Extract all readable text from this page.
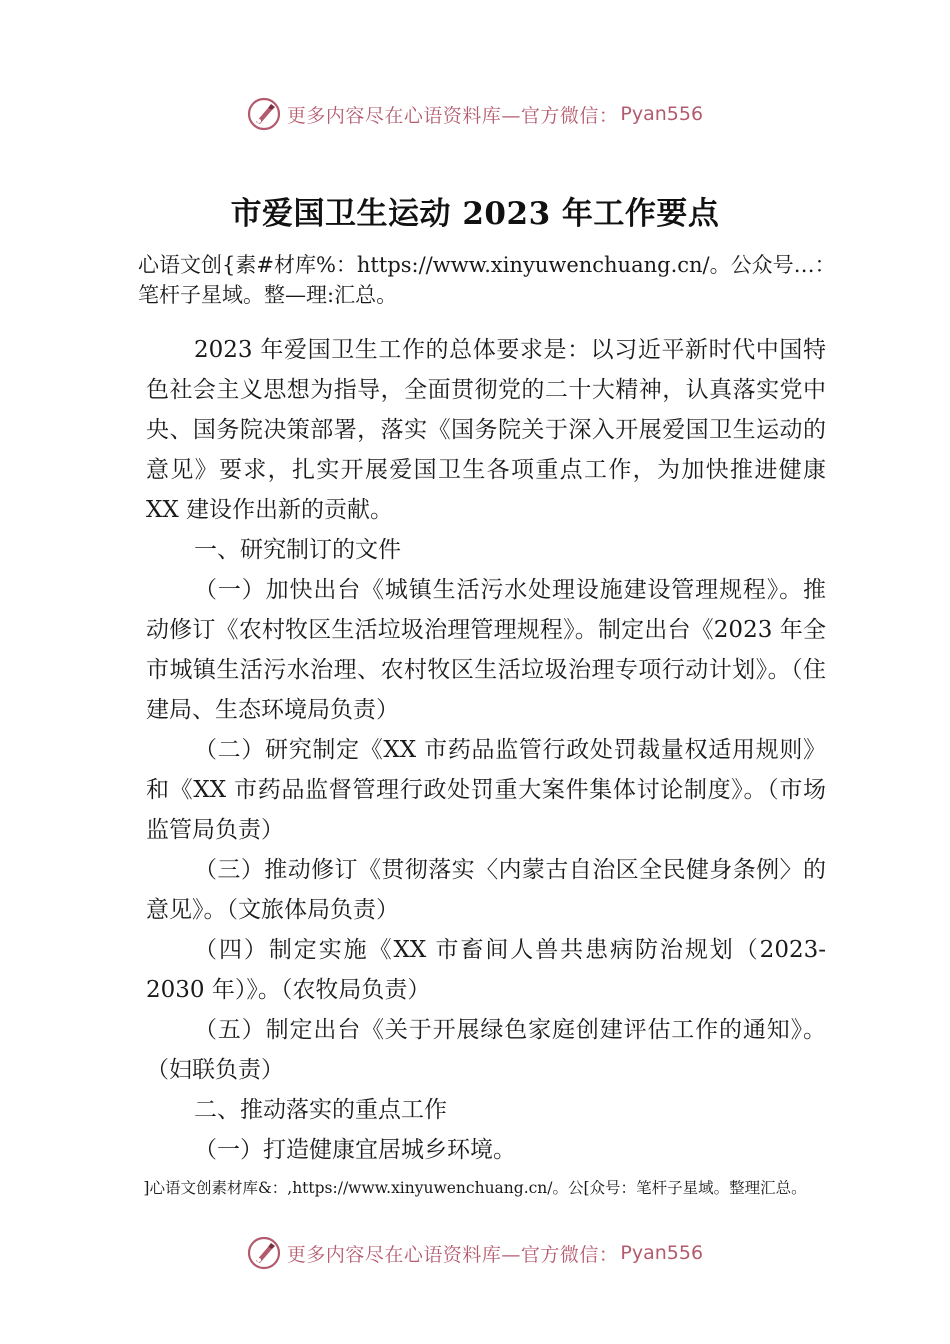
更多内容尽在心语资料库—官方微信： Pyan556
市爱国卫生运动 2023 年工作要点
心语文创{素#材库%：https://www.xinyuwenchuang.cn/。公众号…：笔杆子星域。整—理:汇总。

2023 年爱国卫生工作的总体要求是：以习近平新时代中国特色社会主义思想为指导，全面贯彻党的二十大精神，认真落实党中央、国务院决策部署，落实《国务院关于深入开展爱国卫生运动的意见》要求，扎实开展爱国卫生各项重点工作，为加快推进健康 XX 建设作出新的贡献。

一、研究制订的文件

（一）加快出台《城镇生活污水处理设施建设管理规程》。推动修订《农村牧区生活垃圾治理管理规程》。制定出台《2023 年全市城镇生活污水治理、农村牧区生活垃圾治理专项行动计划》。（住建局、生态环境局负责）

（二）研究制定《XX 市药品监管行政处罚裁量权适用规则》和《XX 市药品监督管理行政处罚重大案件集体讨论制度》。（市场监管局负责）

（三）推动修订《贯彻落实〈内蒙古自治区全民健身条例〉的意见》。（文旅体局负责）

（四）制定实施《XX 市畜间人兽共患病防治规划（2023-2030 年）》。（农牧局负责）

（五）制定出台《关于开展绿色家庭创建评估工作的通知》。（妇联负责）

二、推动落实的重点工作

（一）打造健康宜居城乡环境。

]心语文创素材库&：,https://www.xinyuwenchuang.cn/。公[众号：笔杆子星域。整理汇总。
更多内容尽在心语资料库—官方微信： Pyan556
